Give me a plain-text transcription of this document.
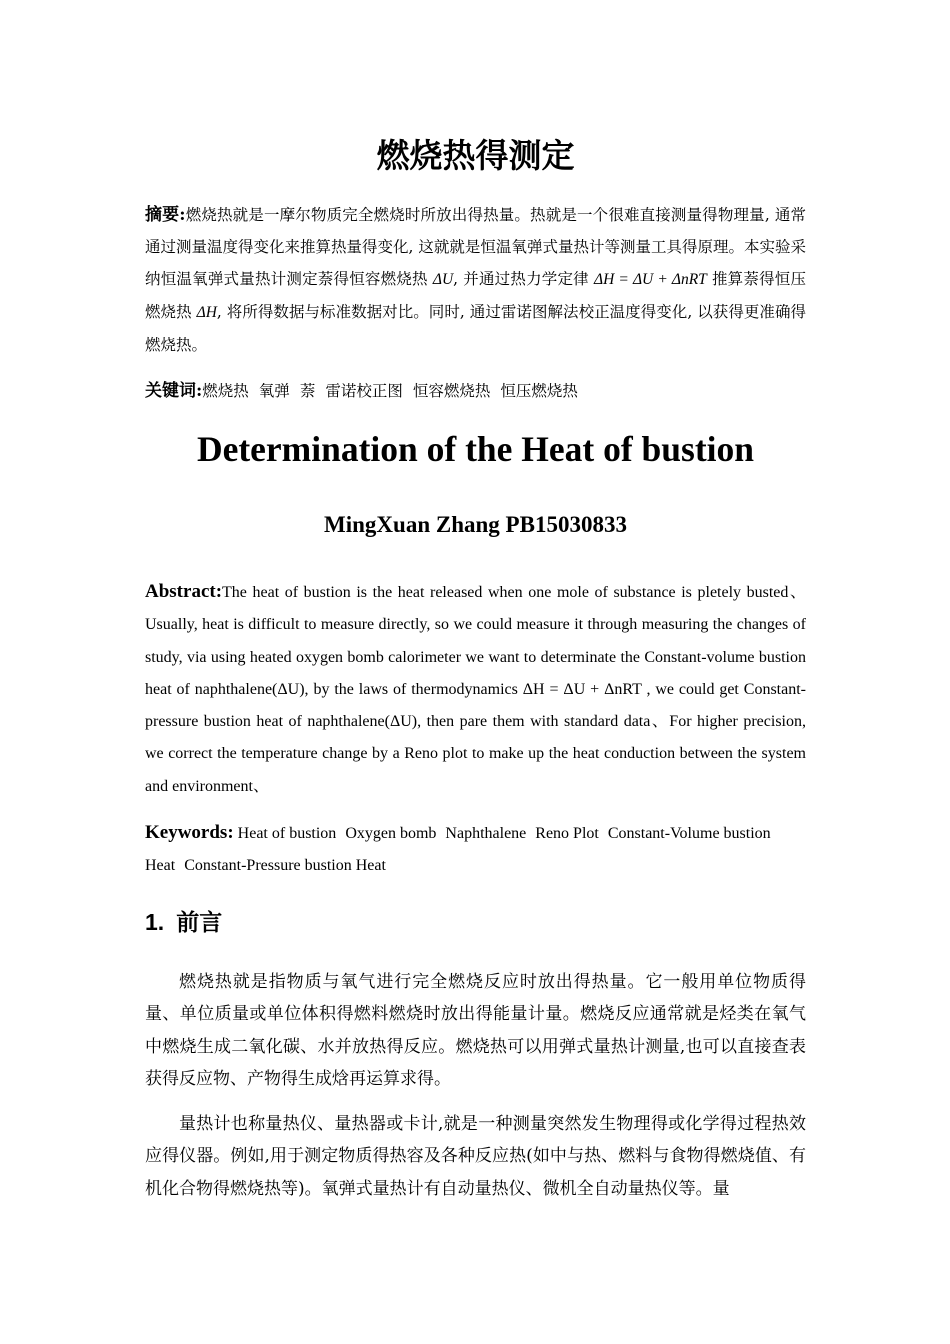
燃烧热得测定
摘要:燃烧热就是一摩尔物质完全燃烧时所放出得热量。热就是一个很难直接测量得物理量, 通常通过测量温度得变化来推算热量得变化, 这就就是恒温氧弹式量热计等测量工具得原理。本实验采纳恒温氧弹式量热计测定萘得恒容燃烧热 ΔU, 并通过热力学定律 ΔH = ΔU + ΔnRT 推算萘得恒压燃烧热 ΔH, 将所得数据与标准数据对比。同时, 通过雷诺图解法校正温度得变化, 以获得更准确得燃烧热。
关键词:燃烧热 氧弹 萘 雷诺校正图 恒容燃烧热 恒压燃烧热
Determination of the Heat of bustion
MingXuan Zhang PB15030833
Abstract:The heat of bustion is the heat released when one mole of substance is pletely busted、Usually, heat is difficult to measure directly, so we could measure it through measuring the changes of study, via using heated oxygen bomb calorimeter we want to determinate the Constant-volume bustion heat of naphthalene(ΔU), by the laws of thermodynamics ΔH = ΔU + ΔnRT , we could get Constant-pressure bustion heat of naphthalene(ΔU), then pare them with standard data、For higher precision, we correct the temperature change by a Reno plot to make up the heat conduction between the system and environment、
Keywords: Heat of bustion Oxygen bomb Naphthalene Reno Plot Constant-Volume bustion Heat Constant-Pressure bustion Heat
1. 前言
燃烧热就是指物质与氧气进行完全燃烧反应时放出得热量。它一般用单位物质得量、单位质量或单位体积得燃料燃烧时放出得能量计量。燃烧反应通常就是烃类在氧气中燃烧生成二氧化碳、水并放热得反应。燃烧热可以用弹式量热计测量,也可以直接查表获得反应物、产物得生成焓再运算求得。
量热计也称量热仪、量热器或卡计,就是一种测量突然发生物理得或化学得过程热效应得仪器。例如,用于测定物质得热容及各种反应热(如中与热、燃料与食物得燃烧值、有机化合物得燃烧热等)。氧弹式量热计有自动量热仪、微机全自动量热仪等。量
